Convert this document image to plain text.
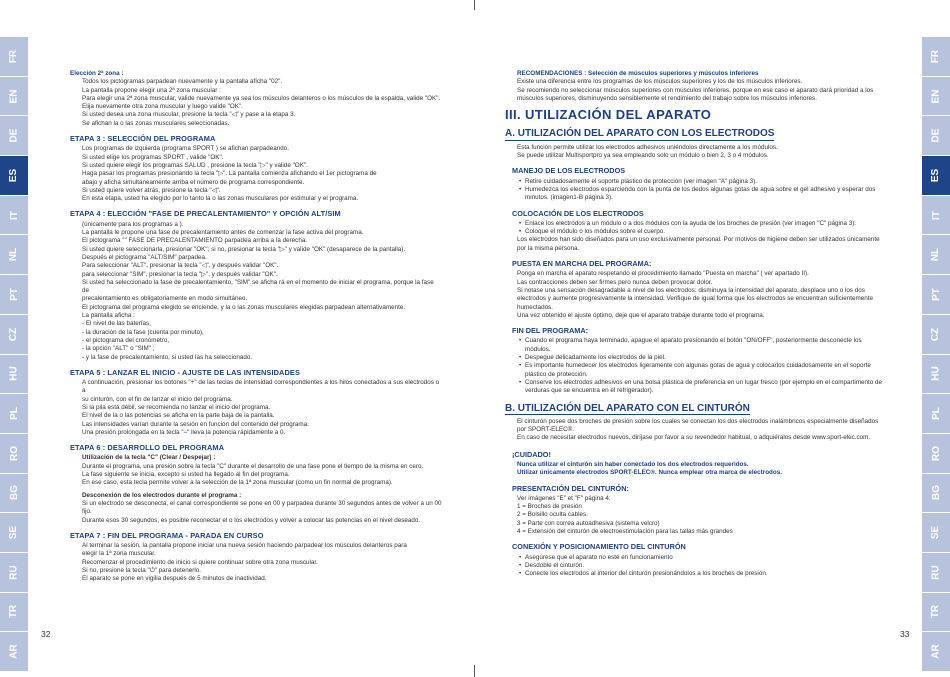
FR
EN
DE
ES
IT
NL
PT
CZ
HU
PL
RO
BG
SE
RU
TR
AR
FR
EN
DE
ES
IT
NL
PT
CZ
HU
PL
RO
BG
SE
RU
TR
AR

Elección 2ª zona :

Todos los pictogramas parpadean nuevamente y la pantalla afícha "02".

La pantalla propone elegir una 2ª zona muscular :

Para elegir una 2ª zona muscular, valide nuevamente ya sea los músculos delanteros o los músculos de la espalda, valide "OK".

Elija nuevamente otra zona muscular y luego valide "OK".

Si usted desea una zona muscular, presione la tecla "◁" y pase a la etapa 3.

Se afichan la o las zonas musculares seleccionadas.

ETAPA 3 : SELECCIÓN DEL PROGRAMA

Los programas de izquierda (programa SPORT ) se afichan parpadeando.

Si usted elige los programas SPORT , valide "OK".

Si usted quiere elegir los programas SALUD , presione la tecla "▷" y valide "OK".

Haga pasar los programas presionando la tecla "▷". La pantalla comienza afichando el 1er pictograma de

abajo y aficha simultáneamente arriba el número de programa correspondiente.

Si usted quiere volver atrás, presione la tecla "◁".

En esta etapa, usted ha elegido por lo tanto la o las zonas musculares por estimular y el programa.

ETAPA 4 : ELECCIÓN "FASE DE PRECALENTAMIENTO" Y OPCIÓN ALT/SIM

(únicamente para los programas a ).

La pantalla le propone una fase de precalentamiento antes de comenzar la fase activa del programa.

El pictograma "" FASE DE PRECALENTAMIENTO parpadea arriba a la derecha.

Si usted quiere seleccionarla, presionar "OK"; si no, presionar la tecla "▷" y valide "OK" (desaparece de la pantalla).

Después el pictograma "ALT/SIM" parpadea.

Para seleccionar "ALT", presionar la tecla "◁", y después validar "OK".

para seleccionar "SIM", presionar la tecla "▷", y después validar "OK".

Si usted ha seleccionado la fase de precalentamiento, "SIM" se aficha rá en el momento de iniciar el programa, porque la fase de

precalentamiento es obligatoriamente en modo simultáneo.

El pictograma del programa elegido se enciende, y la o las zonas musculares elegidas parpadean alternativamente.

La pantalla aficha :

- El nivel de las baterías,

- la duración de la fase (cuenta por minuto),

- el pictograma del cronómetro,

- la opción "ALT" o "SIM" ;

- y la fase de precalentamiento, si usted las ha seleccionado.

ETAPA 5 : LANZAR EL INICIO - AJUSTE DE LAS INTENSIDADES

A continuación, presionar los botones "+" de las teclas de intensidad correspondientes a los hilos conectados a sus electrodos o a

su cinturón, con el fin de lanzar el inicio del programa.

Si la pila está débil, se recomienda no lanzar el inicio del programa.

El nivel de la o las potencias se aficha en la parte baja de la pantalla.

Las intensidades varían durante la sesión en función del contenido del programa.

Una presión prolongada en la tecla "–" lleva la potencia rápidamente a 0.

ETAPA 6 : DESARROLLO DEL PROGRAMA

Utilización de la tecla "C" (Clear / Despejar) :

Durante el programa, una presión sobre la tecla "C" durante el desarrollo de una fase pone el tiempo de la misma en cero.

La fase siguiente se inicia, excepto si usted ha llegado al fin del programa.

En ese caso, esta tecla permite volver a la selección de la 1ª zona muscular (como un fin normal de programa).

Desconexión de los electrodos durante el programa :

Si un electrodo se desconecta, el canal correspondiente se pone en 00 y parpadea durante 30 segundos antes de volver a un 00 fijo.

Durante esos 30 segundos, es posible reconectar el o los electrodos y volver a colocar las potencias en el nivel deseado.

ETAPA 7 : FIN DEL PROGRAMA - PARADA EN CURSO

Al terminar la sesión, la pantalla propone iniciar una nueva sesión haciendo parpadear los músculos delanteros para

elegir la 1ª zona muscular.

Recomenzar el procedimiento de inicio si quiere continuar sobre otra zona muscular.

Si no, presione la tecla "⏻" para detenerlo.

El aparato se pone en vigilia después de 5 minutos de inactividad.

32

RECOMENDACIONES : Selección de músculos superiores y músculos inferiores

Existe una diferencia entre los programas de los músculos superiores y los de los músculos inferiores.

Se recomiendo no seleccionar músculos superiores con músculos inferiores, porque en ese caso el aparato dará prioridad a los

músculos superiores, disminuyendo sensiblemente el rendimiento del trabajo sobre los músculos inferiores.

III. UTILIZACIÓN DEL APARATO

A. UTILIZACIÓN DEL APARATO CON LOS ELECTRODOS

Esta función permite utilizar los electrodos adhesivos uniéndolos directamente a los módulos.

Se puede utilizar Multisportpro ya sea empleando solo un módulo o bien 2, 3 o 4 módulos.

MANEJO DE LOS ELECTRODOS

• Retire cuidadosamente el soporte plástico de protección (ver imagen "A" página 3).
• Humedezca los electrodos esparciendo con la punta de los dedos algunas gotas de agua sobre el gel adhesivo y esperar dos minutos. (imagen1-B página 3).

COLOCACIÓN DE LOS ELECTRODOS

• Enlace los electrodos a un módulo o a dos módulos con la ayuda de los broches de presión (ver imagen "C" página 3).
• Coloque el módulo o los módulos sobre el cuerpo.

Los electrodos han sido diseñados para un uso exclusivamente personal. Por motivos de higiene deben ser utilizados únicamente por la misma persona.

PUESTA EN MARCHA DEL PROGRAMA:

Ponga en marcha el aparato respetando el procedimiento llamado "Puesta en marcha" ( ver apartado II).

Las contracciones deben ser firmes pero nunca deben provocar dolor.

Si notase una sensación desagradable a nivel de los electrodos: disminuya la intensidad del aparato, desplace uno o los dos electrodos y aumente progresivamente la intensidad. Verifique de igual forma que los electrodos se encuentran suficientemente humectados.

Una vez obtenido el ajuste óptimo, deje que el aparato trabaje durante todo el programa.

FIN DEL PROGRAMA:

• Cuando el programa haya terminado, apague el aparato presionando el botón "ON/OFF", posteriormente desconecte los módulos.
• Despegue delicadamente los electrodos de la piel.
• Es importante humedecer los electrodos ligeramente con algunas gotas de agua y colocarlos cuidadosamente en el soporte plástico de protección.
• Conserve los electrodos adhesivos en una bolsa plástica de preferencia en un lugar fresco (por ejemplo en el compartimento de verduras que se encuentra en el refrigerador).

B. UTILIZACIÓN DEL APARATO CON EL CINTURÓN

El cinturón posee dos broches de presión sobre los cuales se conectan los dos electrodos inalámbricos especialmente diseñados por SPORT-ELEC®.

En caso de necesitar electrodos nuevos, diríjase por favor a su revendedor habitual, o adquiéralos desde www.sport-elec.com.

¡CUIDADO!

Nunca utilizar el cinturón sin haber conectado los dos electrodos requeridos.

Utilizar únicamente electrodos SPORT-ELEC®. Nunca emplear otra marca de electrodos.

PRESENTACIÓN DEL CINTURÓN:

Ver imágenes "E" et "F" página 4:

1 = Broches de presión

2 = Bolsillo oculta cables.

3 = Parte con correa autoadhesiva (sistema velcro)

4 = Extensión del cinturón de electroestimulación para las tallas más grandes

CONEXIÓN Y POSICIONAMIENTO DEL CINTURÓN

• Asegúrese que el aparato no esté en funcionamiento
• Desdoble el cinturón.
• Conecte los electrodos al interior del cinturón presionándolos a los broches de presión.
33
